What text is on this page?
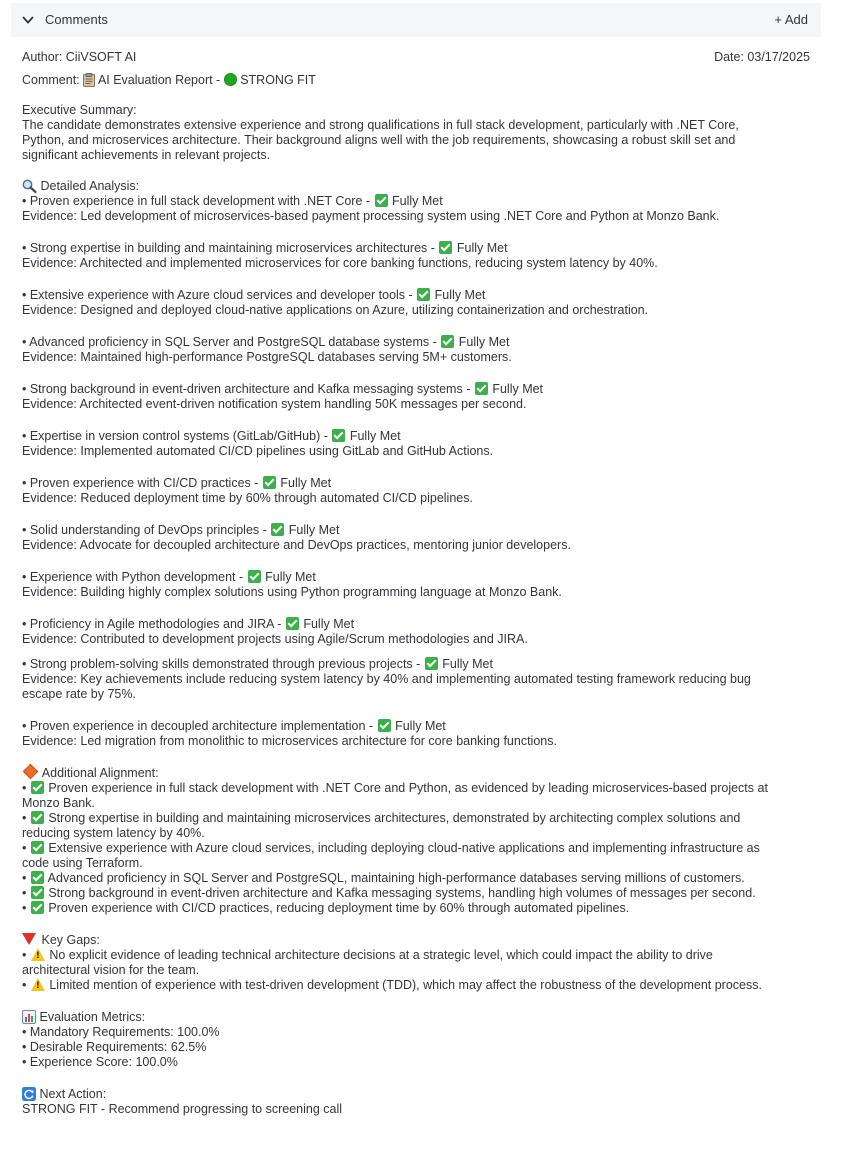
Comments	+ Add
Author: CiiVSOFT AI	Date: 03/17/2025
Comment: AI Evaluation Report - STRONG FIT

Executive Summary:

The candidate demonstrates extensive experience and strong qualifications in full stack development, particularly with .NET Core,

Python, and microservices architecture. Their background aligns well with the job requirements, showcasing a robust skill set and

significant achievements in relevant projects.

Detailed Analysis:

• Proven experience in full stack development with .NET Core - Fully Met

Evidence: Led development of microservices-based payment processing system using .NET Core and Python at Monzo Bank.

• Strong expertise in building and maintaining microservices architectures - Fully Met

Evidence: Architected and implemented microservices for core banking functions, reducing system latency by 40%.

• Extensive experience with Azure cloud services and developer tools - Fully Met

Evidence: Designed and deployed cloud-native applications on Azure, utilizing containerization and orchestration.

• Advanced proficiency in SQL Server and PostgreSQL database systems - Fully Met

Evidence: Maintained high-performance PostgreSQL databases serving 5M+ customers.

• Strong background in event-driven architecture and Kafka messaging systems - Fully Met

Evidence: Architected event-driven notification system handling 50K messages per second.

• Expertise in version control systems (GitLab/GitHub) - Fully Met

Evidence: Implemented automated CI/CD pipelines using GitLab and GitHub Actions.

• Proven experience with CI/CD practices - Fully Met

Evidence: Reduced deployment time by 60% through automated CI/CD pipelines.

• Solid understanding of DevOps principles - Fully Met

Evidence: Advocate for decoupled architecture and DevOps practices, mentoring junior developers.

• Experience with Python development - Fully Met

Evidence: Building highly complex solutions using Python programming language at Monzo Bank.

• Proficiency in Agile methodologies and JIRA - Fully Met

Evidence: Contributed to development projects using Agile/Scrum methodologies and JIRA.

• Strong problem-solving skills demonstrated through previous projects - Fully Met

Evidence: Key achievements include reducing system latency by 40% and implementing automated testing framework reducing bug

escape rate by 75%.

• Proven experience in decoupled architecture implementation - Fully Met

Evidence: Led migration from monolithic to microservices architecture for core banking functions.

Additional Alignment:

•  Proven experience in full stack development with .NET Core and Python, as evidenced by leading microservices-based projects at

Monzo Bank.

•  Strong expertise in building and maintaining microservices architectures, demonstrated by architecting complex solutions and

reducing system latency by 40%.

•  Extensive experience with Azure cloud services, including deploying cloud-native applications and implementing infrastructure as

code using Terraform.

•  Advanced proficiency in SQL Server and PostgreSQL, maintaining high-performance databases serving millions of customers.

•  Strong background in event-driven architecture and Kafka messaging systems, handling high volumes of messages per second.

•  Proven experience with CI/CD practices, reducing deployment time by 60% through automated pipelines.

Key Gaps:

• ! No explicit evidence of leading technical architecture decisions at a strategic level, which could impact the ability to drive

architectural vision for the team.

• ! Limited mention of experience with test-driven development (TDD), which may affect the robustness of the development process.

Evaluation Metrics:

• Mandatory Requirements: 100.0%

• Desirable Requirements: 62.5%

• Experience Score: 100.0%

Next Action:

STRONG FIT - Recommend progressing to screening call
